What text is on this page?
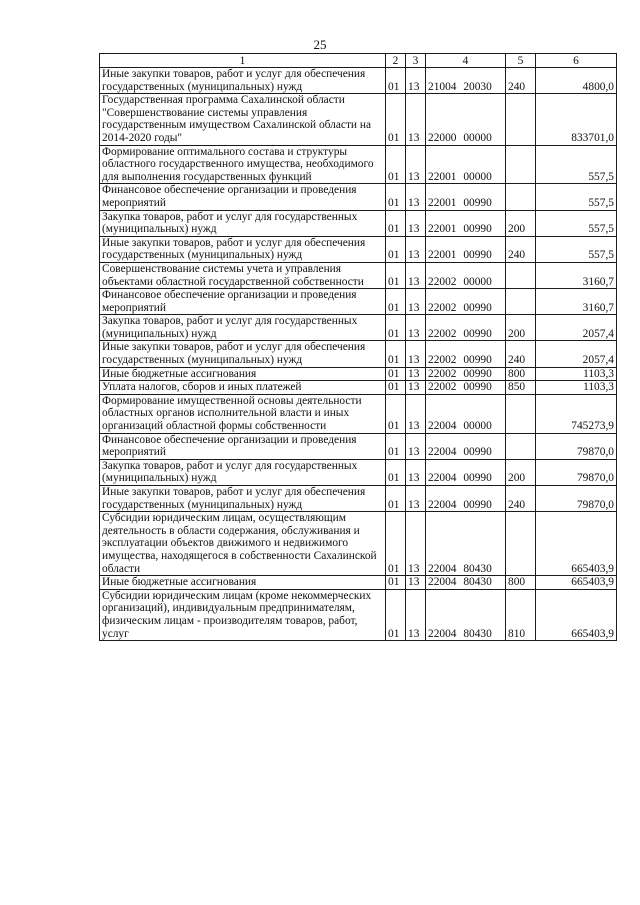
25
1	2	3	4	5	6
Иные закупки товаров, работ и услуг для обеспечения государственных (муниципальных) нужд	01	13	21004 20030	240	4800,0
Государственная программа Сахалинской области "Совершенствование системы управления государственным имуществом Сахалинской области на 2014-2020 годы"	01	13	22000 00000		833701,0
Формирование оптимального состава и структуры областного государственного имущества, необходимого для выполнения государственных функций	01	13	22001 00000		557,5
Финансовое обеспечение организации и проведения мероприятий	01	13	22001 00990		557,5
Закупка товаров, работ и услуг для государственных (муниципальных) нужд	01	13	22001 00990	200	557,5
Иные закупки товаров, работ и услуг для обеспечения государственных (муниципальных) нужд	01	13	22001 00990	240	557,5
Совершенствование системы учета и управления объектами областной государственной собственности	01	13	22002 00000		3160,7
Финансовое обеспечение организации и проведения мероприятий	01	13	22002 00990		3160,7
Закупка товаров, работ и услуг для государственных (муниципальных) нужд	01	13	22002 00990	200	2057,4
Иные закупки товаров, работ и услуг для обеспечения государственных (муниципальных) нужд	01	13	22002 00990	240	2057,4
Иные бюджетные ассигнования	01	13	22002 00990	800	1103,3
Уплата налогов, сборов и иных платежей	01	13	22002 00990	850	1103,3
Формирование имущественной основы деятельности областных органов исполнительной власти и иных организаций областной формы собственности	01	13	22004 00000		745273,9
Финансовое обеспечение организации и проведения мероприятий	01	13	22004 00990		79870,0
Закупка товаров, работ и услуг для государственных (муниципальных) нужд	01	13	22004 00990	200	79870,0
Иные закупки товаров, работ и услуг для обеспечения государственных (муниципальных) нужд	01	13	22004 00990	240	79870,0
Субсидии юридическим лицам, осуществляющим деятельность в области содержания, обслуживания и эксплуатации объектов движимого и недвижимого имущества, находящегося в собственности Сахалинской области	01	13	22004 80430		665403,9
Иные бюджетные ассигнования	01	13	22004 80430	800	665403,9
Субсидии юридическим лицам (кроме некоммерческих организаций), индивидуальным предпринимателям, физическим лицам - производителям товаров, работ, услуг	01	13	22004 80430	810	665403,9
